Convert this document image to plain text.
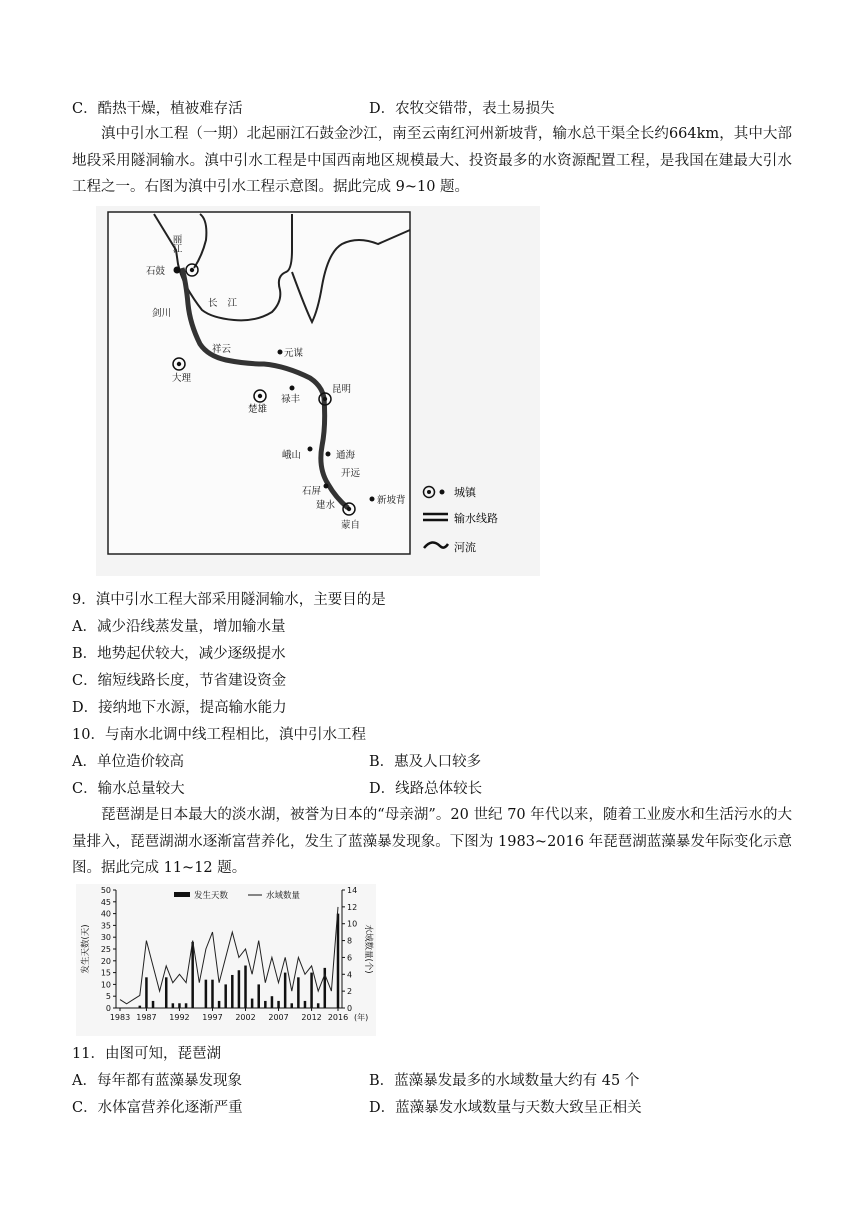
C．酷热干燥，植被难存活	D．农牧交错带，表土易损失
滇中引水工程（一期）北起丽江石鼓金沙江，南至云南红河州新坡背，输水总干渠全长约664km，其中大部地段采用隧洞输水。滇中引水工程是中国西南地区规模最大、投资最多的水资源配置工程，是我国在建最大引水工程之一。右图为滇中引水工程示意图。据此完成 9~10 题。
丽江
石鼓
剑川
长江
祥云	元谋
大理
禄丰
昆明
楚雄
峨山	通海
开远
石屏
建水	新坡背
蒙自
城镇
输水线路
河流
9．滇中引水工程大部采用隧洞输水，主要目的是
A．减少沿线蒸发量，增加输水量
B．地势起伏较大，减少逐级提水
C．缩短线路长度，节省建设资金
D．接纳地下水源，提高输水能力
10．与南水北调中线工程相比，滇中引水工程
A．单位造价较高	B．惠及人口较多
C．输水总量较大	D．线路总体较长
琵琶湖是日本最大的淡水湖，被誉为日本的“母亲湖”。20 世纪 70 年代以来，随着工业废水和生活污水的大量排入，琵琶湖湖水逐渐富营养化，发生了蓝藻暴发现象。下图为 1983~2016 年琵琶湖蓝藻暴发年际变化示意图。据此完成 11~12 题。
0
5
10
15
20
25
30
35
40
45
50
0
2
4
6
8
10
12
14
1983 1987 1992 1997 2002 2007 2012 2016 (年)
发生天数(天)	水域数量(个)
发生天数	水域数量
11．由图可知，琵琶湖
A．每年都有蓝藻暴发现象	B．蓝藻暴发最多的水域数量大约有 45 个
C．水体富营养化逐渐严重	D．蓝藻暴发水域数量与天数大致呈正相关
